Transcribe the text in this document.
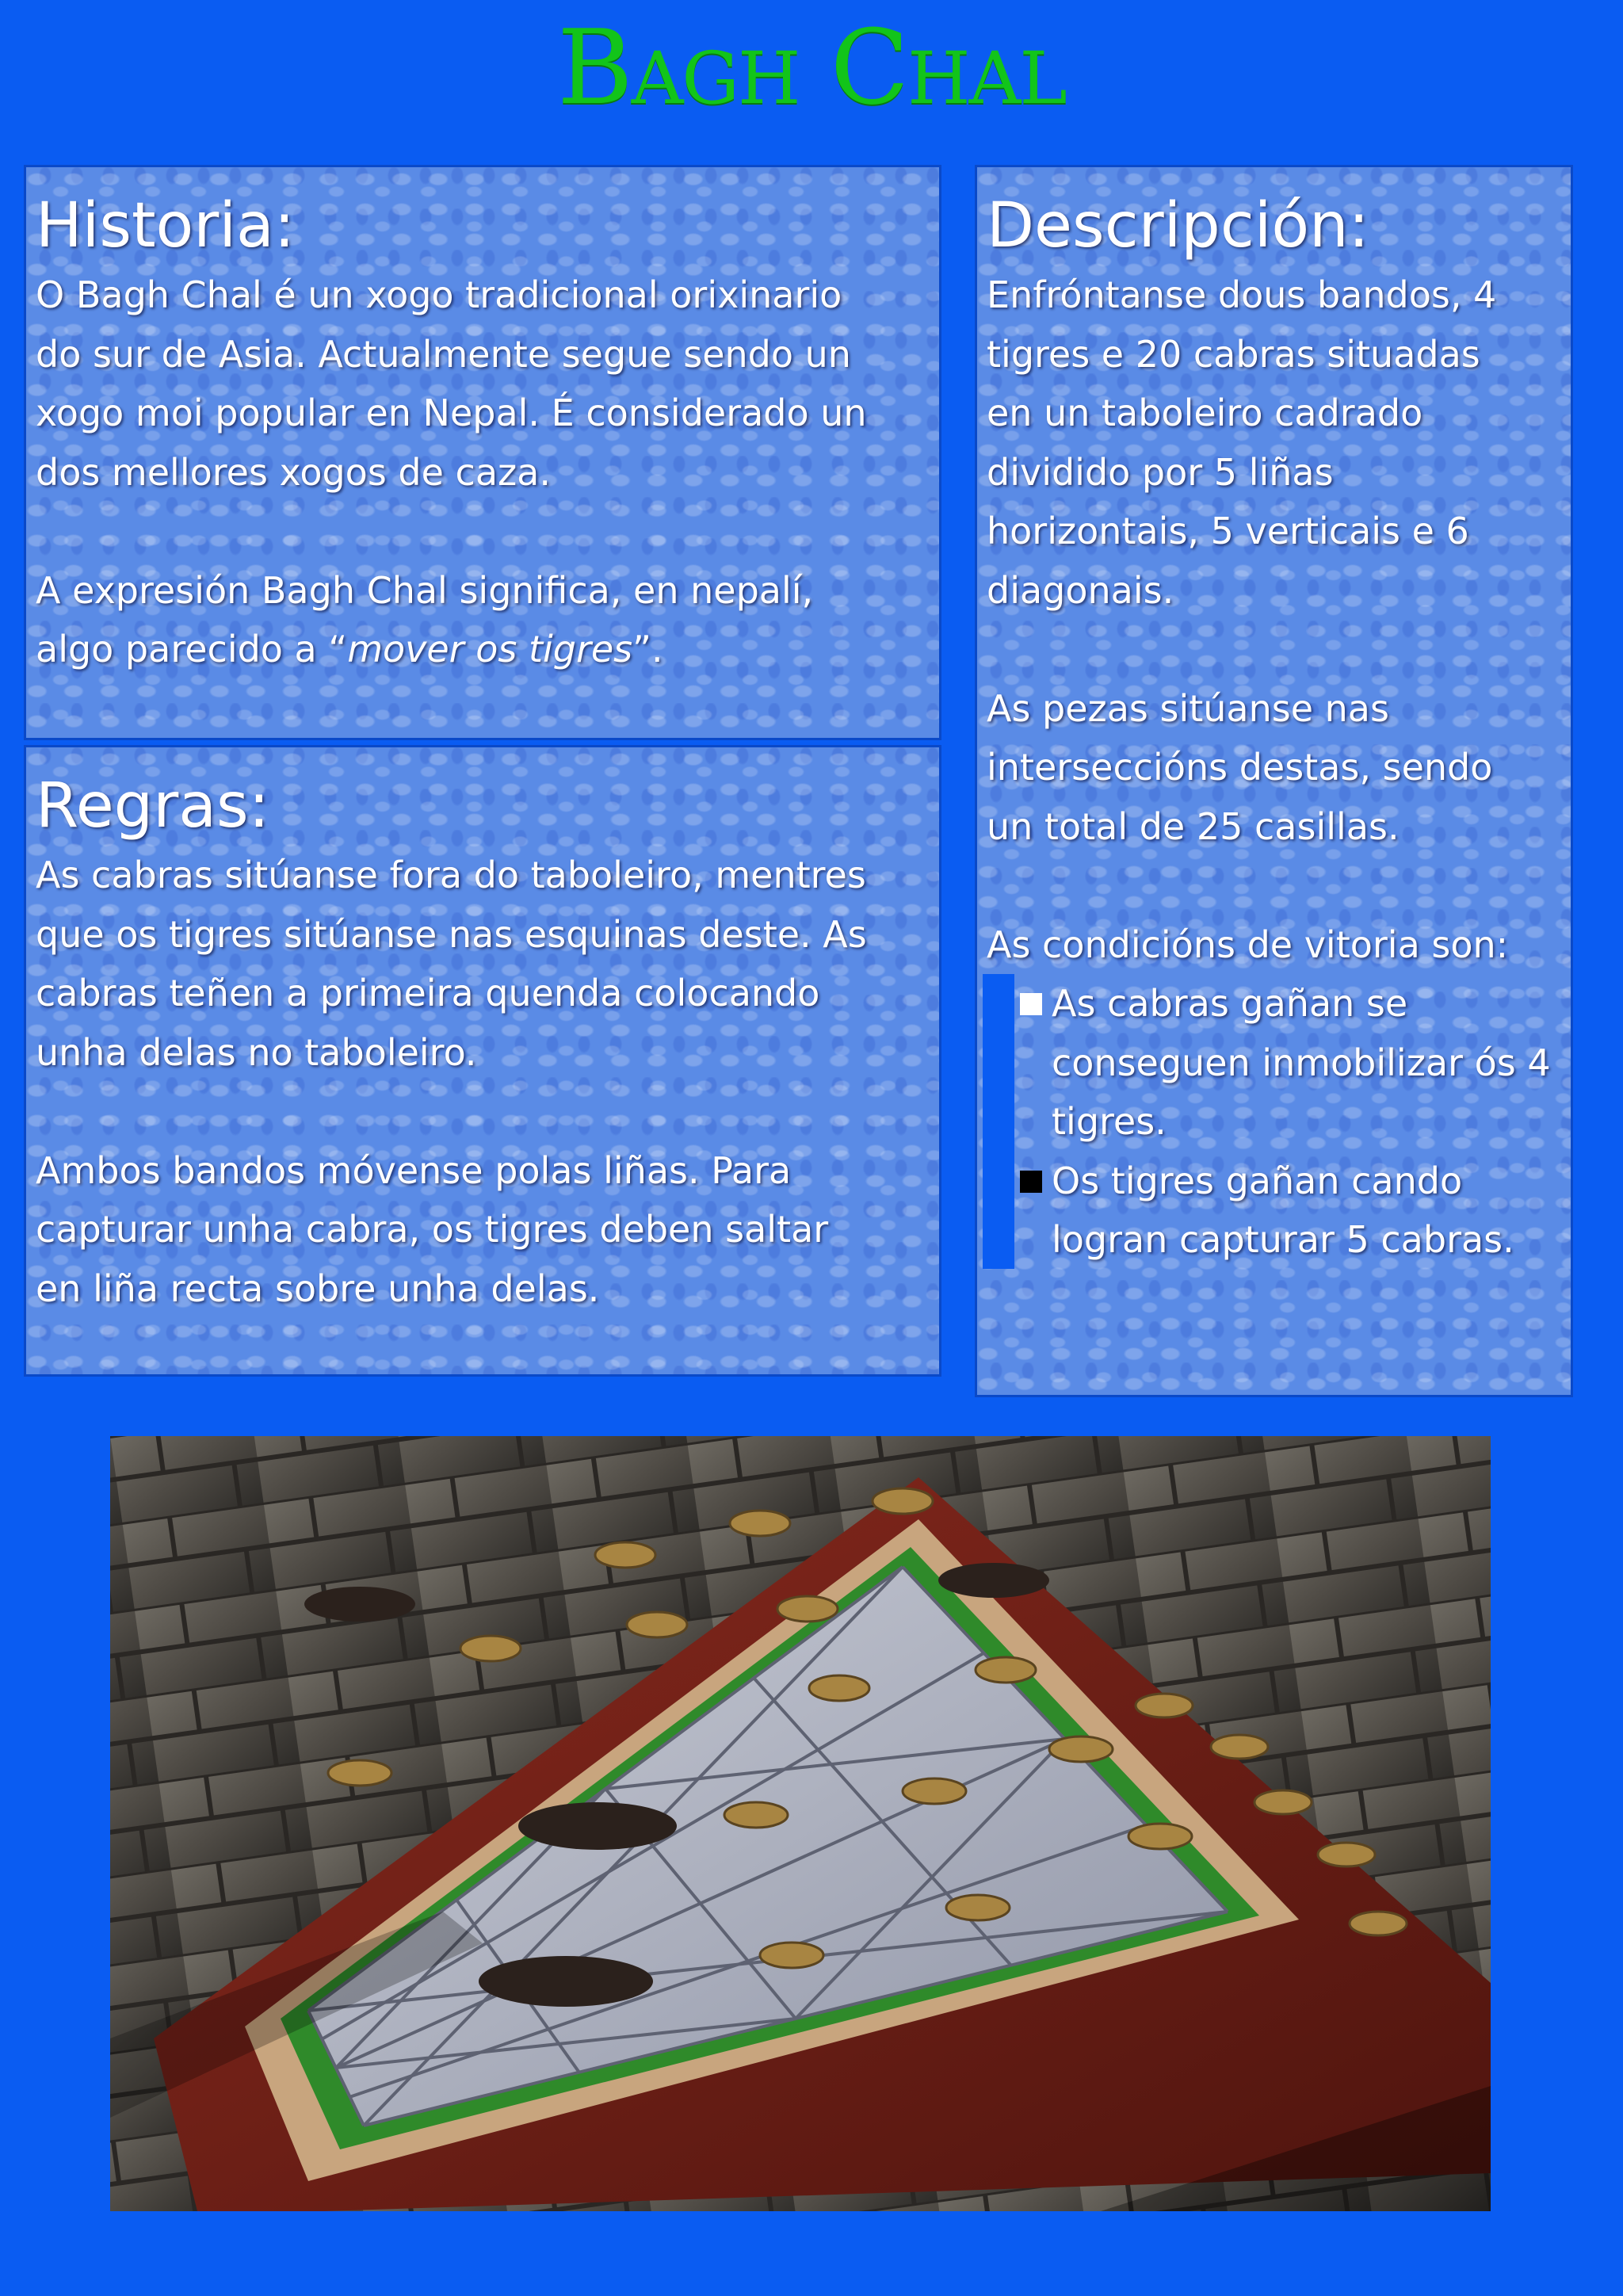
Bagh Chal
Historia:

O Bagh Chal é un xogo tradicional orixinario

do sur de Asia. Actualmente segue sendo un

xogo moi popular en Nepal. É considerado un

dos mellores xogos de caza.

A expresión Bagh Chal significa, en nepalí,

algo parecido a “mover os tigres”.

Regras:

As cabras sitúanse fora do taboleiro, mentres

que os tigres sitúanse nas esquinas deste. As

cabras teñen a primeira quenda colocando

unha delas no taboleiro.

Ambos bandos móvense polas liñas. Para

capturar unha cabra, os tigres deben saltar

en liña recta sobre unha delas.

Descripción:

Enfróntanse dous bandos, 4

tigres e 20 cabras situadas

en un taboleiro cadrado

dividido por 5 liñas

horizontais, 5 verticais e 6

diagonais.

As pezas sitúanse nas

interseccións destas, sendo

un total de 25 casillas.

As condicións de vitoria son:

As cabras gañan se
conseguen inmobilizar ós 4
tigres.
Os tigres gañan cando
logran capturar 5 cabras.
